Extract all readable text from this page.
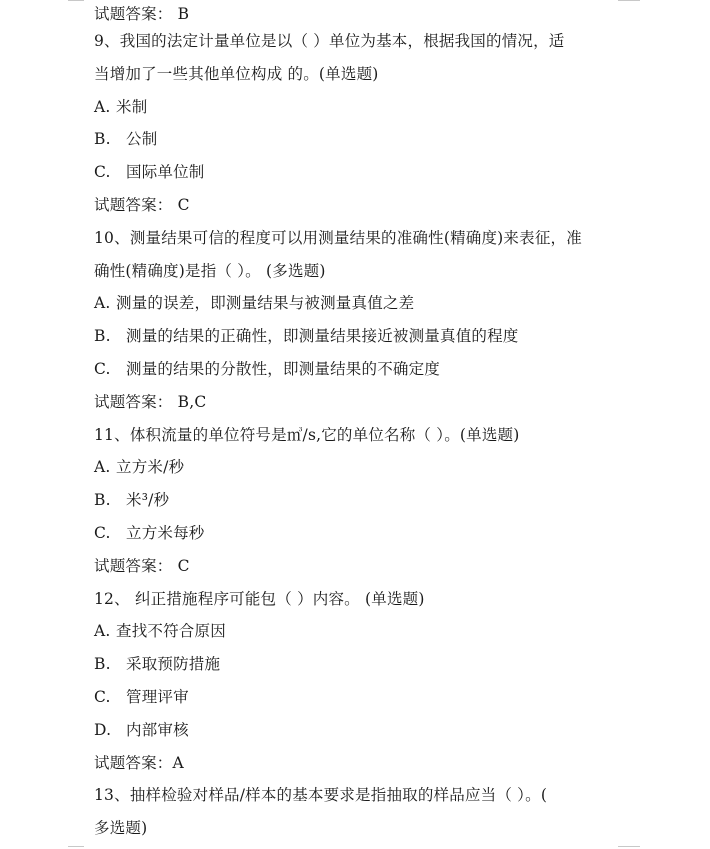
试题答案： B
9、我国的法定计量单位是以（ ）单位为基本，根据我国的情况，适
当增加了一些其他单位构成 的。(单选题)
A. 米制
B. 公制
C. 国际单位制
试题答案： C
10、测量结果可信的程度可以用测量结果的准确性(精确度)来表征，准
确性(精确度)是指（ ）。 (多选题)
A. 测量的误差，即测量结果与被测量真值之差
B. 测量的结果的正确性，即测量结果接近被测量真值的程度
C. 测量的结果的分散性，即测量结果的不确定度
试题答案： B,C
11、体积流量的单位符号是㎥/s,它的单位名称（ ）。(单选题)
A. 立方米/秒
B. 米³/秒
C. 立方米每秒
试题答案： C
12、 纠正措施程序可能包（ ）内容。 (单选题)
A. 查找不符合原因
B. 采取预防措施
C. 管理评审
D. 内部审核
试题答案：A
13、抽样检验对样品/样本的基本要求是指抽取的样品应当（ ）。(
多选题)
